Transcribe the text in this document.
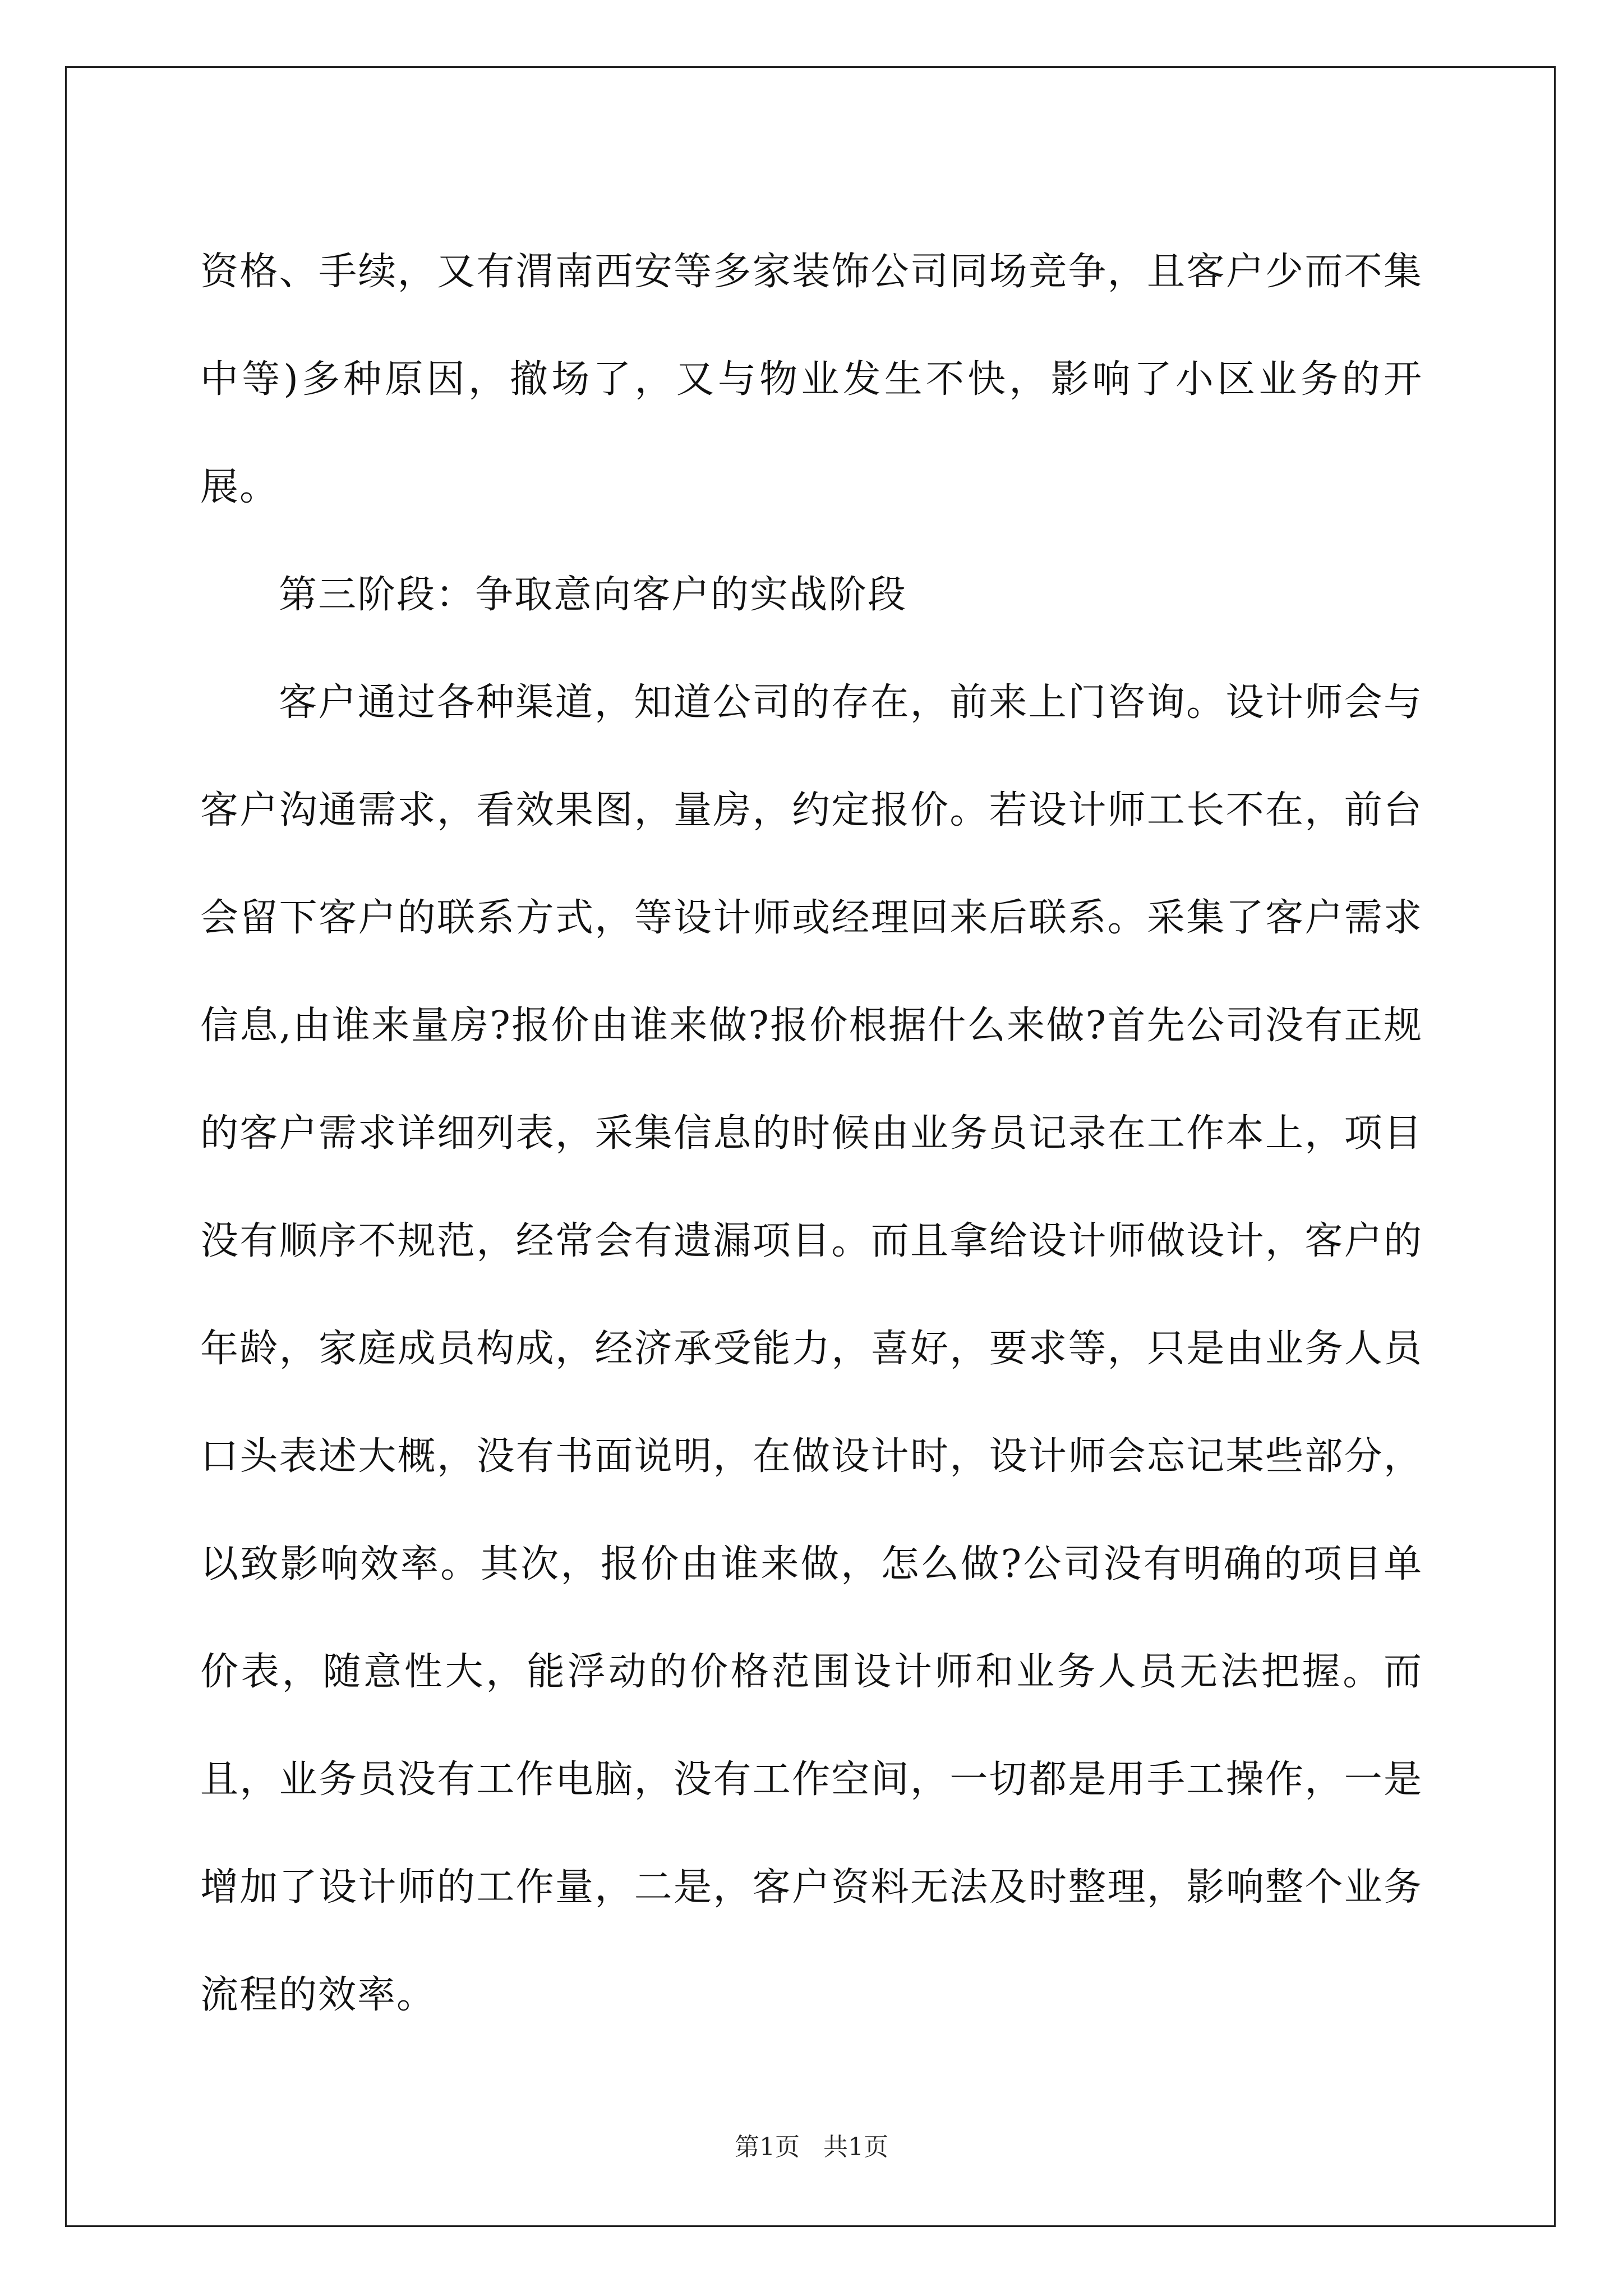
资格、手续，又有渭南西安等多家装饰公司同场竞争，且客户少而不集中等)多种原因，撤场了，又与物业发生不快，影响了小区业务的开展。

第三阶段：争取意向客户的实战阶段

客户通过各种渠道，知道公司的存在，前来上门咨询。设计师会与客户沟通需求，看效果图，量房，约定报价。若设计师工长不在，前台会留下客户的联系方式，等设计师或经理回来后联系。采集了客户需求信息,由谁来量房?报价由谁来做?报价根据什么来做?首先公司没有正规的客户需求详细列表，采集信息的时候由业务员记录在工作本上，项目没有顺序不规范，经常会有遗漏项目。而且拿给设计师做设计，客户的年龄，家庭成员构成，经济承受能力，喜好，要求等，只是由业务人员口头表述大概，没有书面说明，在做设计时，设计师会忘记某些部分，以致影响效率。其次，报价由谁来做，怎么做?公司没有明确的项目单价表，随意性大，能浮动的价格范围设计师和业务人员无法把握。而且，业务员没有工作电脑，没有工作空间，一切都是用手工操作，一是增加了设计师的工作量，二是，客户资料无法及时整理，影响整个业务流程的效率。

第1页   共1页
